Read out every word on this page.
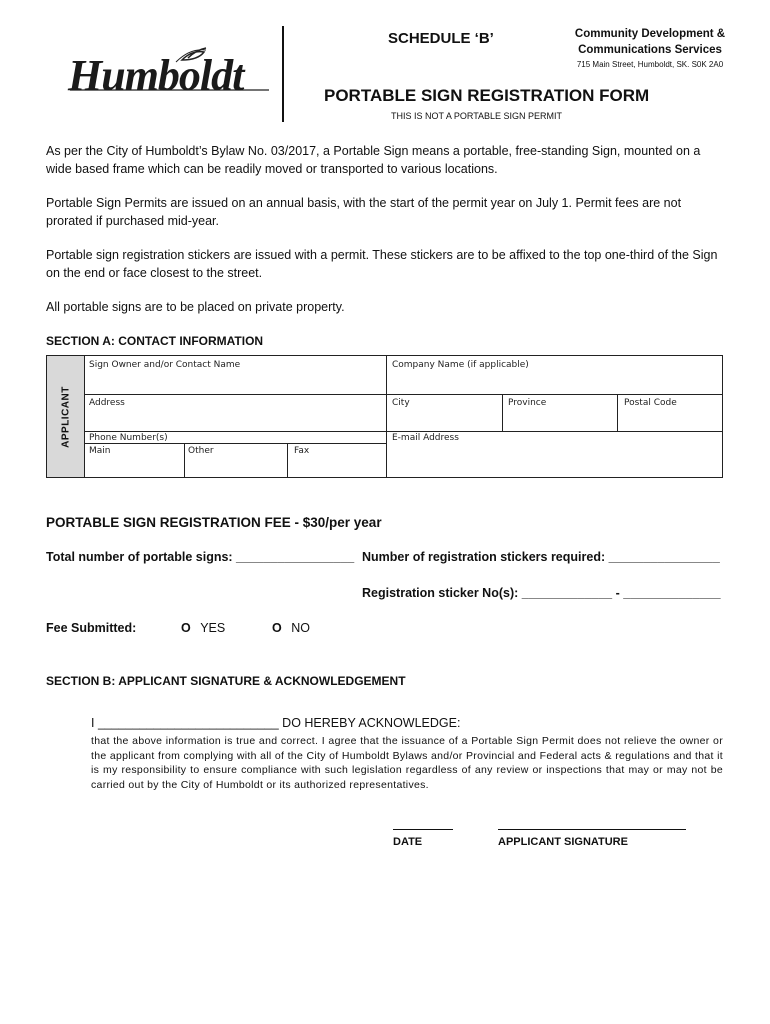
Humboldt
SCHEDULE ‘B’	Community Development &
Communications Services
715 Main Street, Humboldt, SK. S0K 2A0
PORTABLE SIGN REGISTRATION FORM
THIS IS NOT A PORTABLE SIGN PERMIT
As per the City of Humboldt’s Bylaw No. 03/2017, a Portable Sign means a portable, free-standing Sign, mounted on a wide based frame which can be readily moved or transported to various locations.
Portable Sign Permits are issued on an annual basis, with the start of the permit year on July 1. Permit fees are not prorated if purchased mid-year.
Portable sign registration stickers are issued with a permit. These stickers are to be affixed to the top one-third of the Sign on the end or face closest to the street.
All portable signs are to be placed on private property.
SECTION A: CONTACT INFORMATION
APPLICANT
Sign Owner and/or Contact Name	Company Name (if applicable)
Address	City	Province	Postal Code
Phone Number(s)
Main	Other	Fax
E-mail Address
PORTABLE SIGN REGISTRATION FEE - $30/per year
Total number of portable signs: _________________ Number of registration stickers required: ________________
Registration sticker No(s): _____________ - ______________
Fee Submitted:	O YES	O NO
SECTION B: APPLICANT SIGNATURE & ACKNOWLEDGEMENT
I __________________________ DO HEREBY ACKNOWLEDGE:
that the above information is true and correct. I agree that the issuance of a Portable Sign Permit does not relieve the owner or the applicant from complying with all of the City of Humboldt Bylaws and/or Provincial and Federal acts & regulations and that it is my responsibility to ensure compliance with such legislation regardless of any review or inspections that may or may not be carried out by the City of Humboldt or its authorized representatives.
DATE	APPLICANT SIGNATURE
